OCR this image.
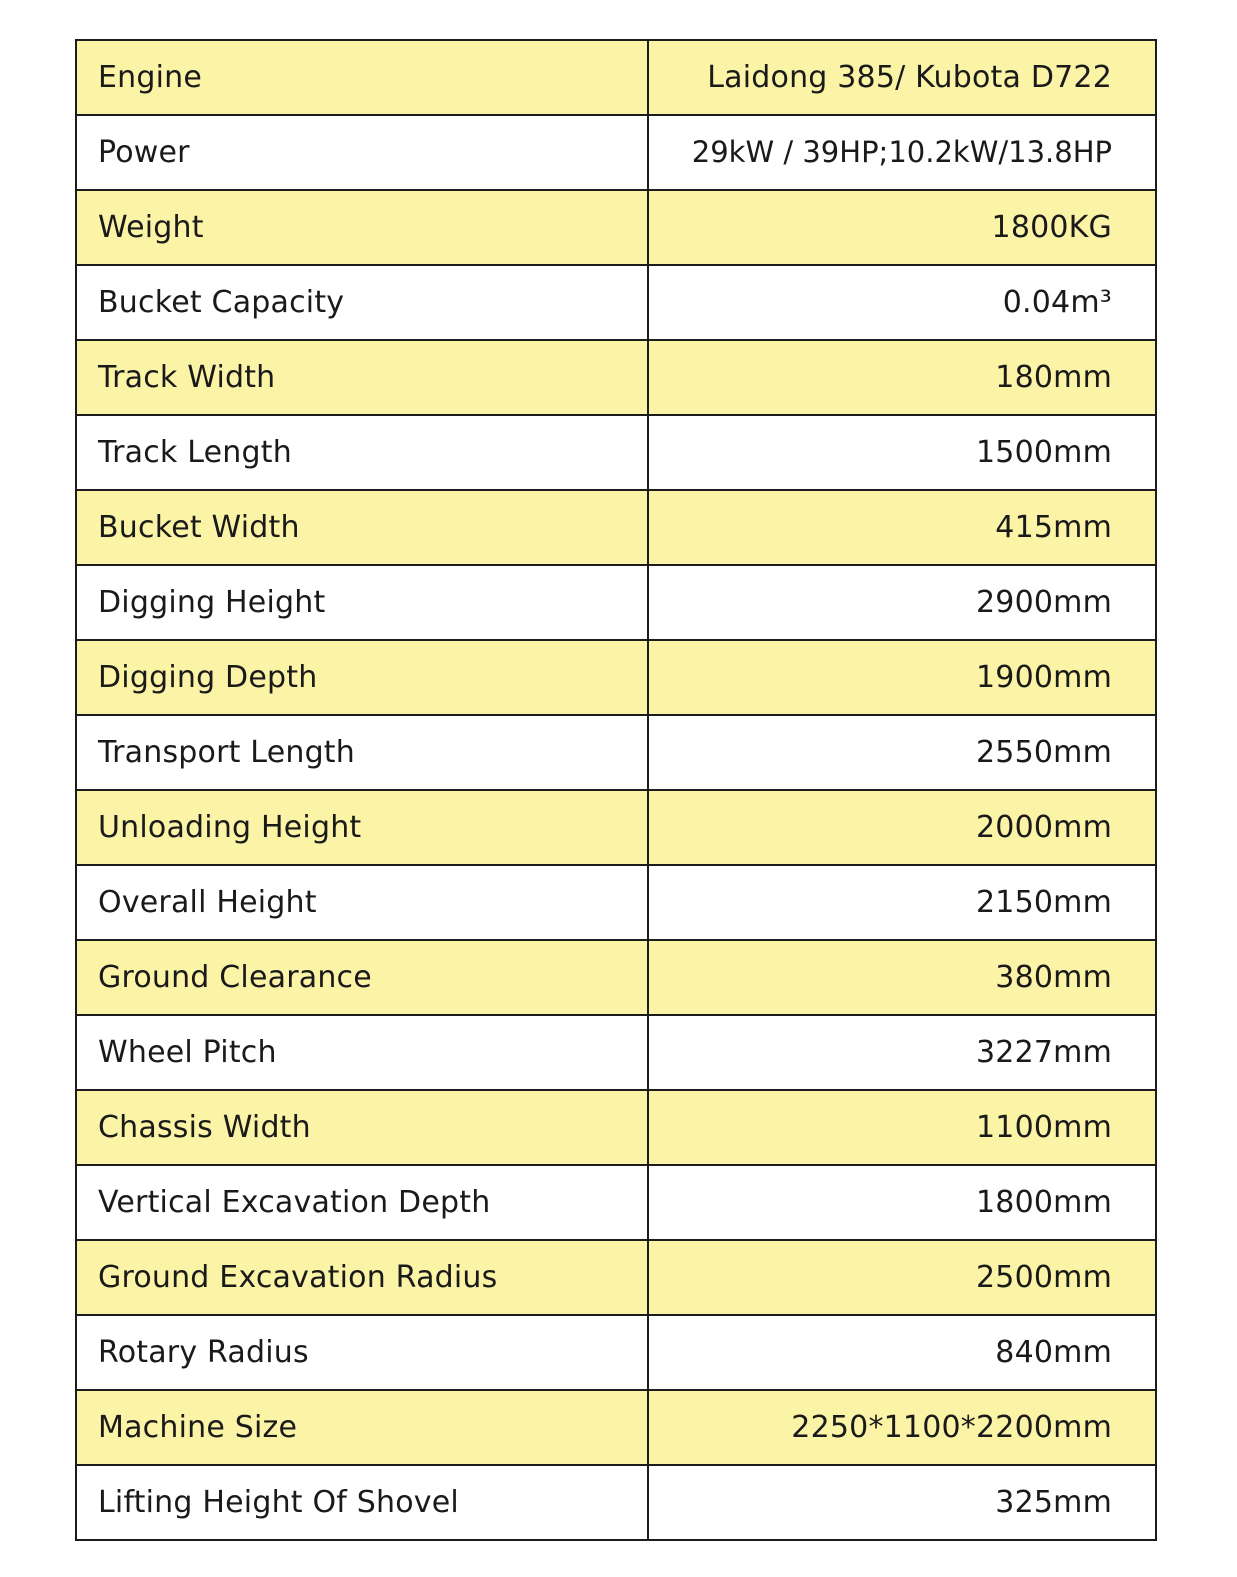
Engine	Laidong 385/ Kubota D722
Power	29kW / 39HP;10.2kW/13.8HP
Weight	1800KG
Bucket Capacity	0.04m³
Track Width	180mm
Track Length	1500mm
Bucket Width	415mm
Digging Height	2900mm
Digging Depth	1900mm
Transport Length	2550mm
Unloading Height	2000mm
Overall Height	2150mm
Ground Clearance	380mm
Wheel Pitch	3227mm
Chassis Width	1100mm
Vertical Excavation Depth	1800mm
Ground Excavation Radius	2500mm
Rotary Radius	840mm
Machine Size	2250*1100*2200mm
Lifting Height Of Shovel	325mm
